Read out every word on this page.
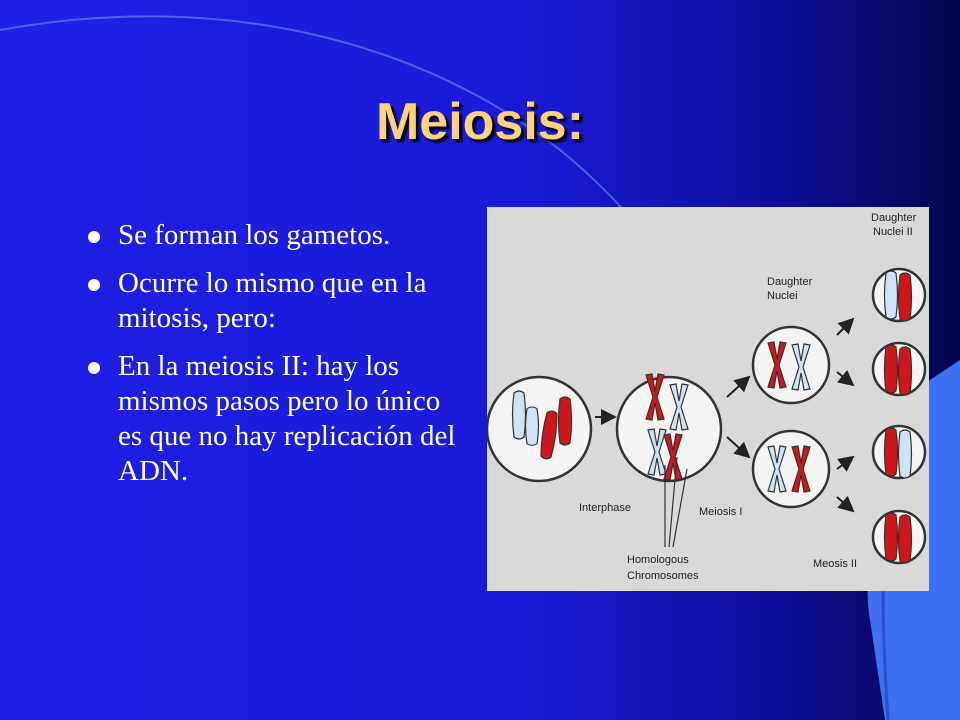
Meiosis:
Se forman los gametos.
Ocurre lo mismo que en la mitosis, pero:
En la meiosis II: hay los mismos pasos pero lo único es que no hay replicación del ADN.
Daughter
Nuclei II
Daughter
Nuclei
Interphase	Meiosis I
Homologous
Chromosomes
Meosis II
